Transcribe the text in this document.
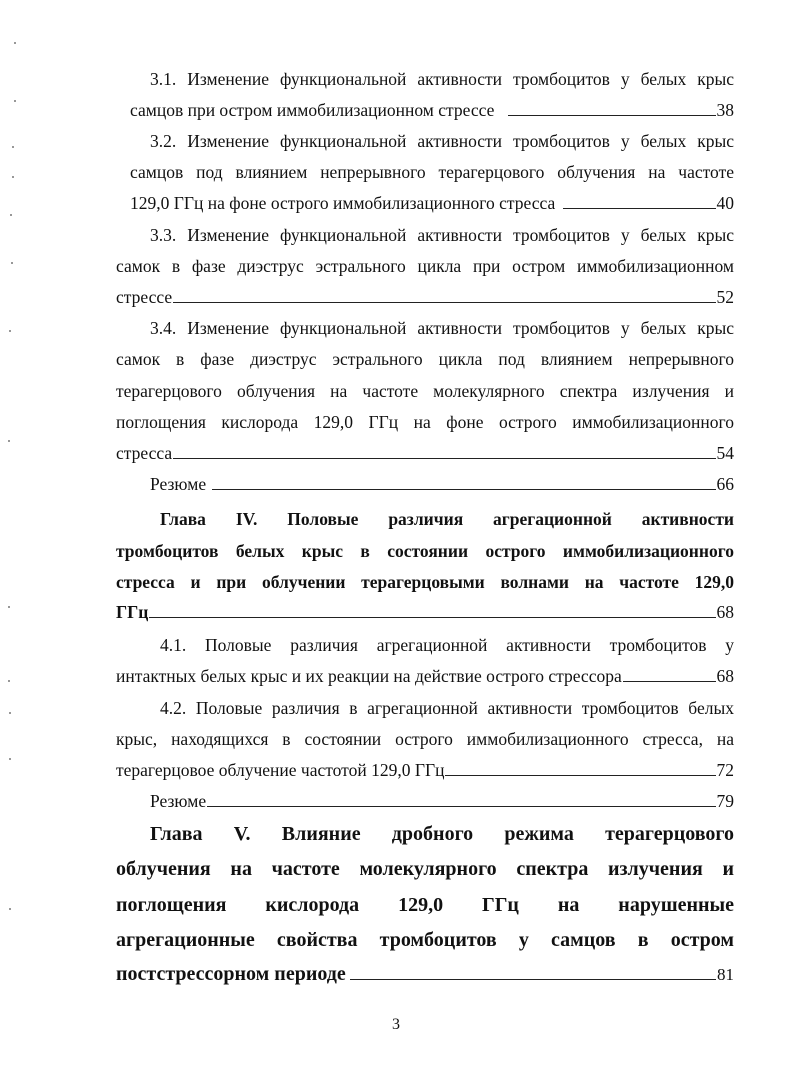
3.1. Изменение функциональной активности тромбоцитов у белых крыс
самцов при остром иммобилизационном стрессе	38
3.2. Изменение функциональной активности тромбоцитов у белых крыс
самцов под влиянием непрерывного терагерцового облучения на частоте
129,0 ГГц на фоне острого иммобилизационного стресса	40
3.3. Изменение функциональной активности тромбоцитов у белых крыс
самок в фазе диэструс эстрального цикла при остром иммобилизационном
стрессе	52
3.4. Изменение функциональной активности тромбоцитов у белых крыс
самок в фазе диэструс эстрального цикла под влиянием непрерывного
терагерцового облучения на частоте молекулярного спектра излучения и
поглощения кислорода 129,0 ГГц на фоне острого иммобилизационного
стресса	54
Резюме	66
Глава IV. Половые различия агрегационной активности
тромбоцитов белых крыс в состоянии острого иммобилизационного
стресса и при облучении терагерцовыми волнами на частоте 129,0
ГГц	68
4.1. Половые различия агрегационной активности тромбоцитов у
интактных белых крыс и их реакции на действие острого стрессора	68
4.2. Половые различия в агрегационной активности тромбоцитов белых
крыс, находящихся в состоянии острого иммобилизационного стресса, на
терагерцовое облучение частотой 129,0 ГГц	72
Резюме	79
Глава V. Влияние дробного режима терагерцового
облучения на частоте молекулярного спектра излучения и
поглощения кислорода 129,0 ГГц на нарушенные
агрегационные свойства тромбоцитов у самцов в остром
постстрессорном периоде	81
3
